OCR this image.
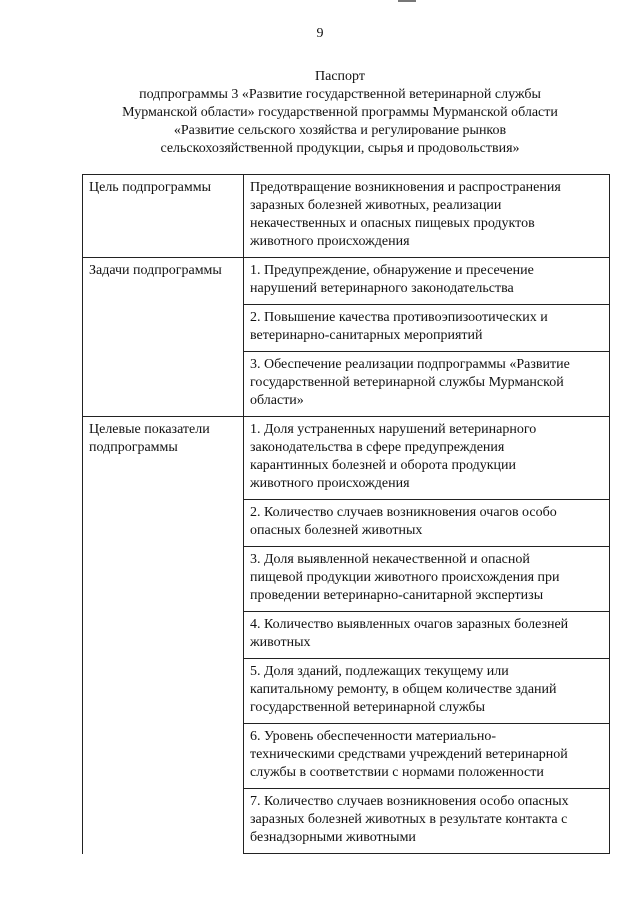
9
Паспорт
подпрограммы 3 «Развитие государственной ветеринарной службы
Мурманской области» государственной программы Мурманской области
«Развитие сельского хозяйства и регулирование рынков
сельскохозяйственной продукции, сырья и продовольствия»
Цель подпрограммы	Предотвращение возникновения и распространения
заразных болезней животных, реализации
некачественных и опасных пищевых продуктов
животного происхождения

Задачи подпрограммы	1. Предупреждение, обнаружение и пресечение
нарушений ветеринарного законодательства

	2. Повышение качества противоэпизоотических и
ветеринарно-санитарных мероприятий

	3. Обеспечение реализации подпрограммы «Развитие
государственной ветеринарной службы Мурманской
области»

Целевые показатели
подпрограммы	1. Доля устраненных нарушений ветеринарного
законодательства в сфере предупреждения
карантинных болезней и оборота продукции
животного происхождения

	2. Количество случаев возникновения очагов особо
опасных болезней животных

	3. Доля выявленной некачественной и опасной
пищевой продукции животного происхождения при
проведении ветеринарно-санитарной экспертизы

	4. Количество выявленных очагов заразных болезней
животных

	5. Доля зданий, подлежащих текущему или
капитальному ремонту, в общем количестве зданий
государственной ветеринарной службы

	6. Уровень обеспеченности материально-
техническими средствами учреждений ветеринарной
службы в соответствии с нормами положенности

	7. Количество случаев возникновения особо опасных
заразных болезней животных в результате контакта с
безнадзорными животными
